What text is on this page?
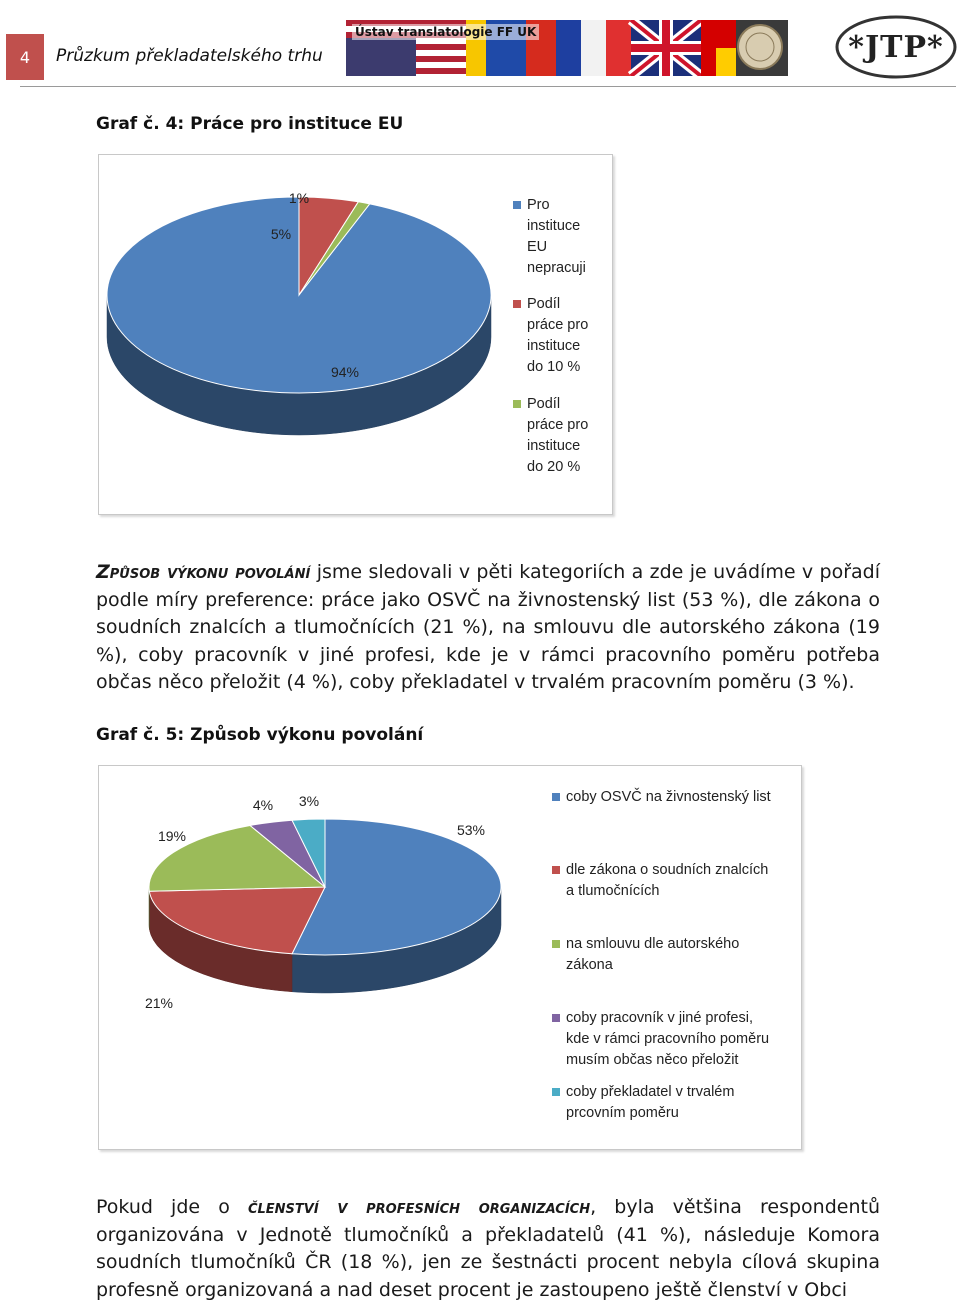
4	Průzkum překladatelského trhu
Ústav translatologie FF UK	*JTP*
Graf č. 4: Práce pro instituce EU
94%
5%
1%	Pro
instituce
EU
nepracuji
Podíl
práce pro
instituce
do 10 %
Podíl
práce pro
instituce
do 20 %
Způsob výkonu povolání jsme sledovali v pěti kategoriích a zde je uvádíme v pořadí podle míry preference: práce jako OSVČ na živnostenský list (53 %), dle zákona o soudních znalcích a tlumočnících (21 %), na smlouvu dle autorského zákona (19 %), coby pracovník v jiné profesi, kde je v rámci pracovního poměru potřeba občas něco přeložit (4 %), coby překladatel v trvalém pracovním poměru (3 %).
Graf č. 5: Způsob výkonu povolání
53%
21%
19%
4% 3%	coby OSVČ na živnostenský list
dle zákona o soudních znalcích
a tlumočnících
na smlouvu dle autorského
zákona
coby pracovník v jiné profesi,
kde v rámci pracovního poměru
musím občas něco přeložit
coby překladatel v trvalém
prcovním poměru
Pokud jde o členství v profesních organizacích, byla většina respondentů organizována v Jednotě tlumočníků a překladatelů (41 %), následuje Komora soudních tlumočníků ČR (18 %), jen ze šestnácti procent nebyla cílová skupina profesně organizovaná a nad deset procent je zastoupeno ještě členství v Obci
